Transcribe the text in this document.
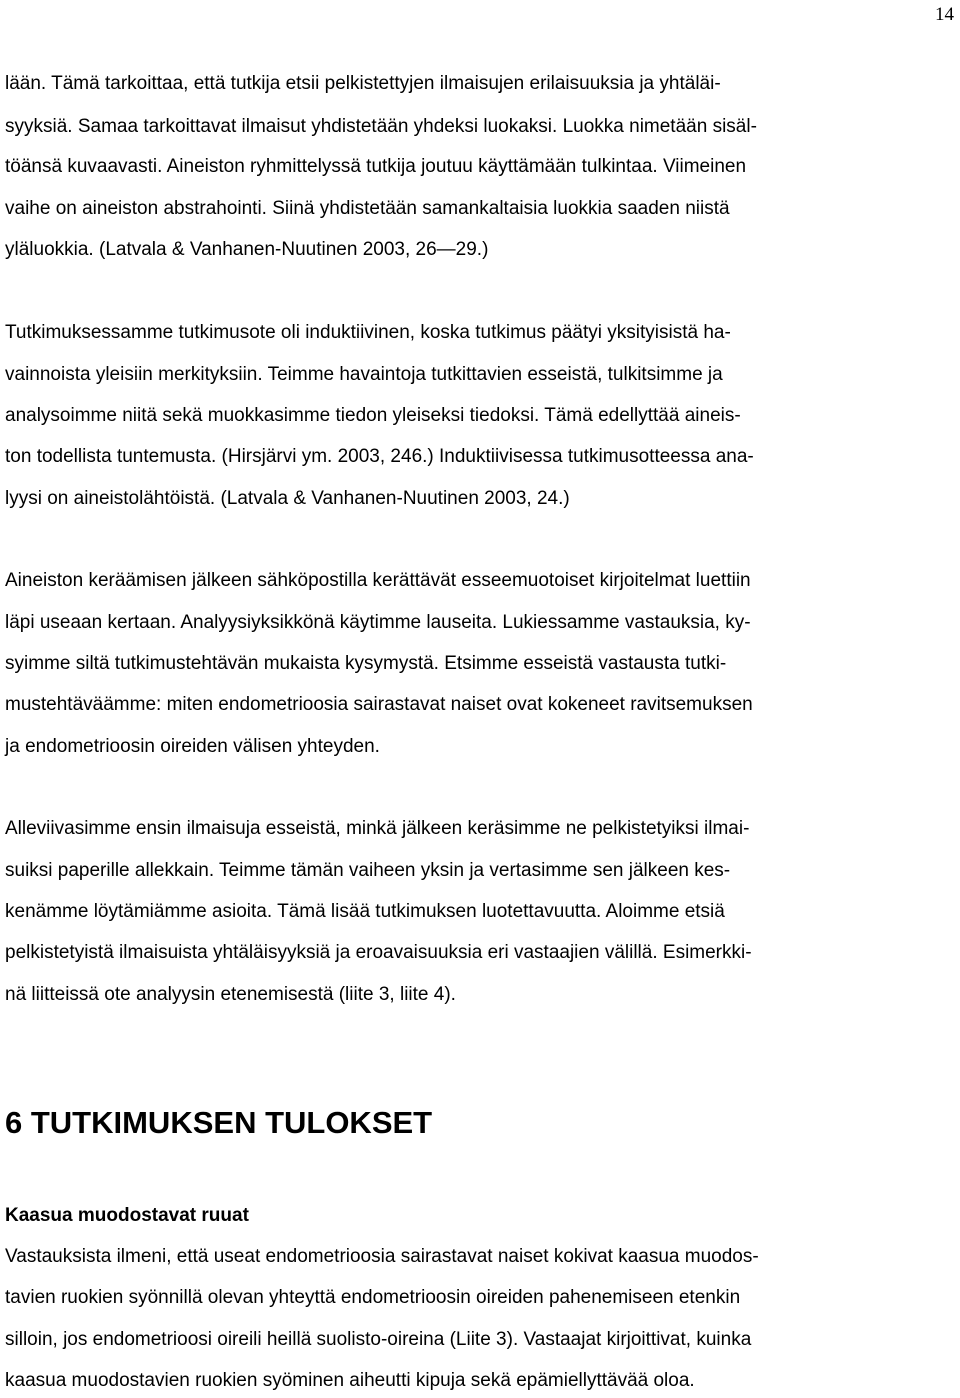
14

lään. Tämä tarkoittaa, että tutkija etsii pelkistettyjen ilmaisujen erilaisuuksia ja yhtäläi-

syyksiä. Samaa tarkoittavat ilmaisut yhdistetään yhdeksi luokaksi. Luokka nimetään sisäl-

töänsä kuvaavasti. Aineiston ryhmittelyssä tutkija joutuu käyttämään tulkintaa. Viimeinen

vaihe on aineiston abstrahointi. Siinä yhdistetään samankaltaisia luokkia saaden niistä

yläluokkia. (Latvala & Vanhanen-Nuutinen 2003, 26—29.)

Tutkimuksessamme tutkimusote oli induktiivinen, koska tutkimus päätyi yksityisistä ha-

vainnoista yleisiin merkityksiin. Teimme havaintoja tutkittavien esseistä, tulkitsimme ja

analysoimme niitä sekä muokkasimme tiedon yleiseksi tiedoksi. Tämä edellyttää aineis-

ton todellista tuntemusta. (Hirsjärvi ym. 2003, 246.) Induktiivisessa tutkimusotteessa ana-

lyysi on aineistolähtöistä. (Latvala & Vanhanen-Nuutinen 2003, 24.)

Aineiston keräämisen jälkeen sähköpostilla kerättävät esseemuotoiset kirjoitelmat luettiin

läpi useaan kertaan. Analyysiyksikkönä käytimme lauseita. Lukiessamme vastauksia, ky-

syimme siltä tutkimustehtävän mukaista kysymystä. Etsimme esseistä vastausta tutki-

mustehtäväämme: miten endometrioosia sairastavat naiset ovat kokeneet ravitsemuksen

ja endometrioosin oireiden välisen yhteyden.

Alleviivasimme ensin ilmaisuja esseistä, minkä jälkeen keräsimme ne pelkistetyiksi ilmai-

suiksi paperille allekkain. Teimme tämän vaiheen yksin ja vertasimme sen jälkeen kes-

kenämme löytämiämme asioita. Tämä lisää tutkimuksen luotettavuutta. Aloimme etsiä

pelkistetyistä ilmaisuista yhtäläisyyksiä ja eroavaisuuksia eri vastaajien välillä. Esimerkki-

nä liitteissä ote analyysin etenemisestä (liite 3, liite 4).

6 TUTKIMUKSEN TULOKSET
Kaasua muodostavat ruuat

Vastauksista ilmeni, että useat endometrioosia sairastavat naiset kokivat kaasua muodos-

tavien ruokien syönnillä olevan yhteyttä endometrioosin oireiden pahenemiseen etenkin

silloin, jos endometrioosi oireili heillä suolisto-oireina (Liite 3). Vastaajat kirjoittivat, kuinka

kaasua muodostavien ruokien syöminen aiheutti kipuja sekä epämiellyttävää oloa.
